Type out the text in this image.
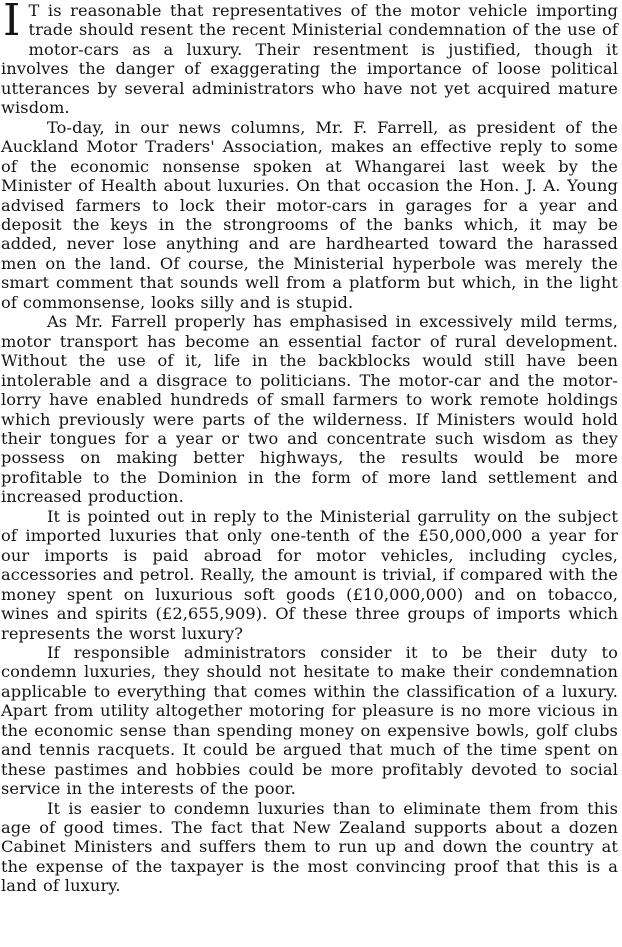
I T is reasonable that representatives of the motor vehicle importing trade should resent the recent Ministerial condemnation of the use of motor-cars as a luxury. Their resentment is justified, though it involves the danger of exaggerating the importance of loose political utterances by several administrators who have not yet acquired mature wisdom.

To-day, in our news columns, Mr. F. Farrell, as president of the Auckland Motor Traders' Association, makes an effective reply to some of the economic nonsense spoken at Whangarei last week by the Minister of Health about luxuries. On that occasion the Hon. J. A. Young advised farmers to lock their motor-cars in garages for a year and deposit the keys in the strongrooms of the banks which, it may be added, never lose anything and are hardhearted toward the harassed men on the land. Of course, the Ministerial hyperbole was merely the smart comment that sounds well from a platform but which, in the light of commonsense, looks silly and is stupid.

As Mr. Farrell properly has emphasised in excessively mild terms, motor transport has become an essential factor of rural development. Without the use of it, life in the backblocks would still have been intolerable and a disgrace to politicians. The motor-car and the motor-lorry have enabled hundreds of small farmers to work remote holdings which previously were parts of the wilderness. If Ministers would hold their tongues for a year or two and concentrate such wisdom as they possess on making better highways, the results would be more profitable to the Dominion in the form of more land settlement and increased production.

It is pointed out in reply to the Ministerial garrulity on the subject of imported luxuries that only one-tenth of the £50,000,000 a year for our imports is paid abroad for motor vehicles, including cycles, accessories and petrol. Really, the amount is trivial, if compared with the money spent on luxurious soft goods (£10,000,000) and on tobacco, wines and spirits (£2,655,909). Of these three groups of imports which represents the worst luxury?

If responsible administrators consider it to be their duty to condemn luxuries, they should not hesitate to make their condemnation applicable to everything that comes within the classification of a luxury. Apart from utility altogether motoring for pleasure is no more vicious in the economic sense than spending money on expensive bowls, golf clubs and tennis racquets. It could be argued that much of the time spent on these pastimes and hobbies could be more profitably devoted to social service in the interests of the poor.

It is easier to condemn luxuries than to eliminate them from this age of good times. The fact that New Zealand supports about a dozen Cabinet Ministers and suffers them to run up and down the country at the expense of the taxpayer is the most convincing proof that this is a land of luxury.
